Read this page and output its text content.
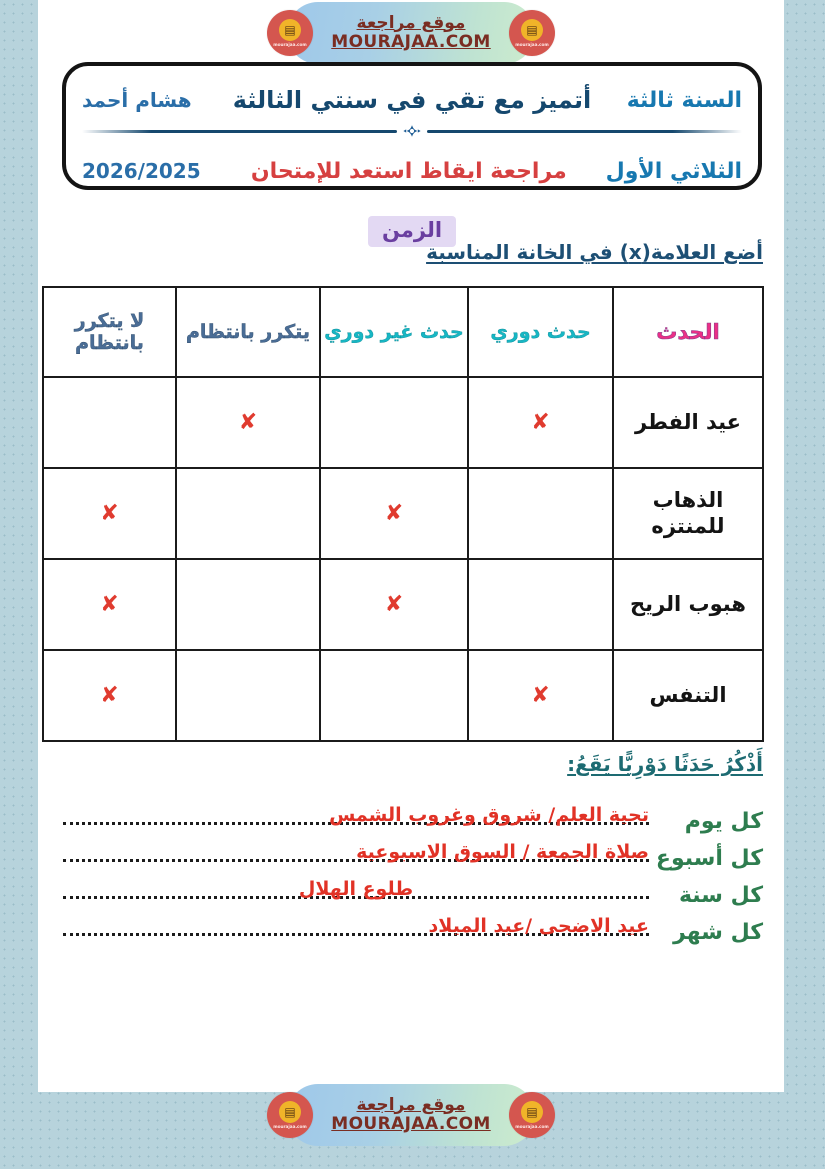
▤
mourajaa.com
موقع مراجعة
MOURAJAA.COM
▤
mourajaa.com
السنة ثالثة
أتميز مع تقي في سنتي الثالثة
هشام أحمد
الثلاثي الأول
مراجعة ايقاظ استعد للإمتحان
2026/2025
الزمن
أضع العلامة(x) في الخانة المناسبة
الحدث	حدث دوري	حدث غير دوري	يتكرر بانتظام	لا يتكرر بانتظام
عيد الفطر	✘		✘	
الذهاب للمنتزه		✘		✘
هبوب الريح		✘		✘
التنفس	✘			✘
أَذْكُرُ حَدَثًا دَوْرِيًّا يَقَعُ:
كل يوم
تحية العلم/ شروق وغروب الشمس
كل أسبوع
صلاة الجمعة / السوق الاسبوعية
كل سنة
طلوع الهلال
كل شهر
عيد الاضحى /عيد الميلاد
▤
mourajaa.com
موقع مراجعة
MOURAJAA.COM
▤
mourajaa.com
